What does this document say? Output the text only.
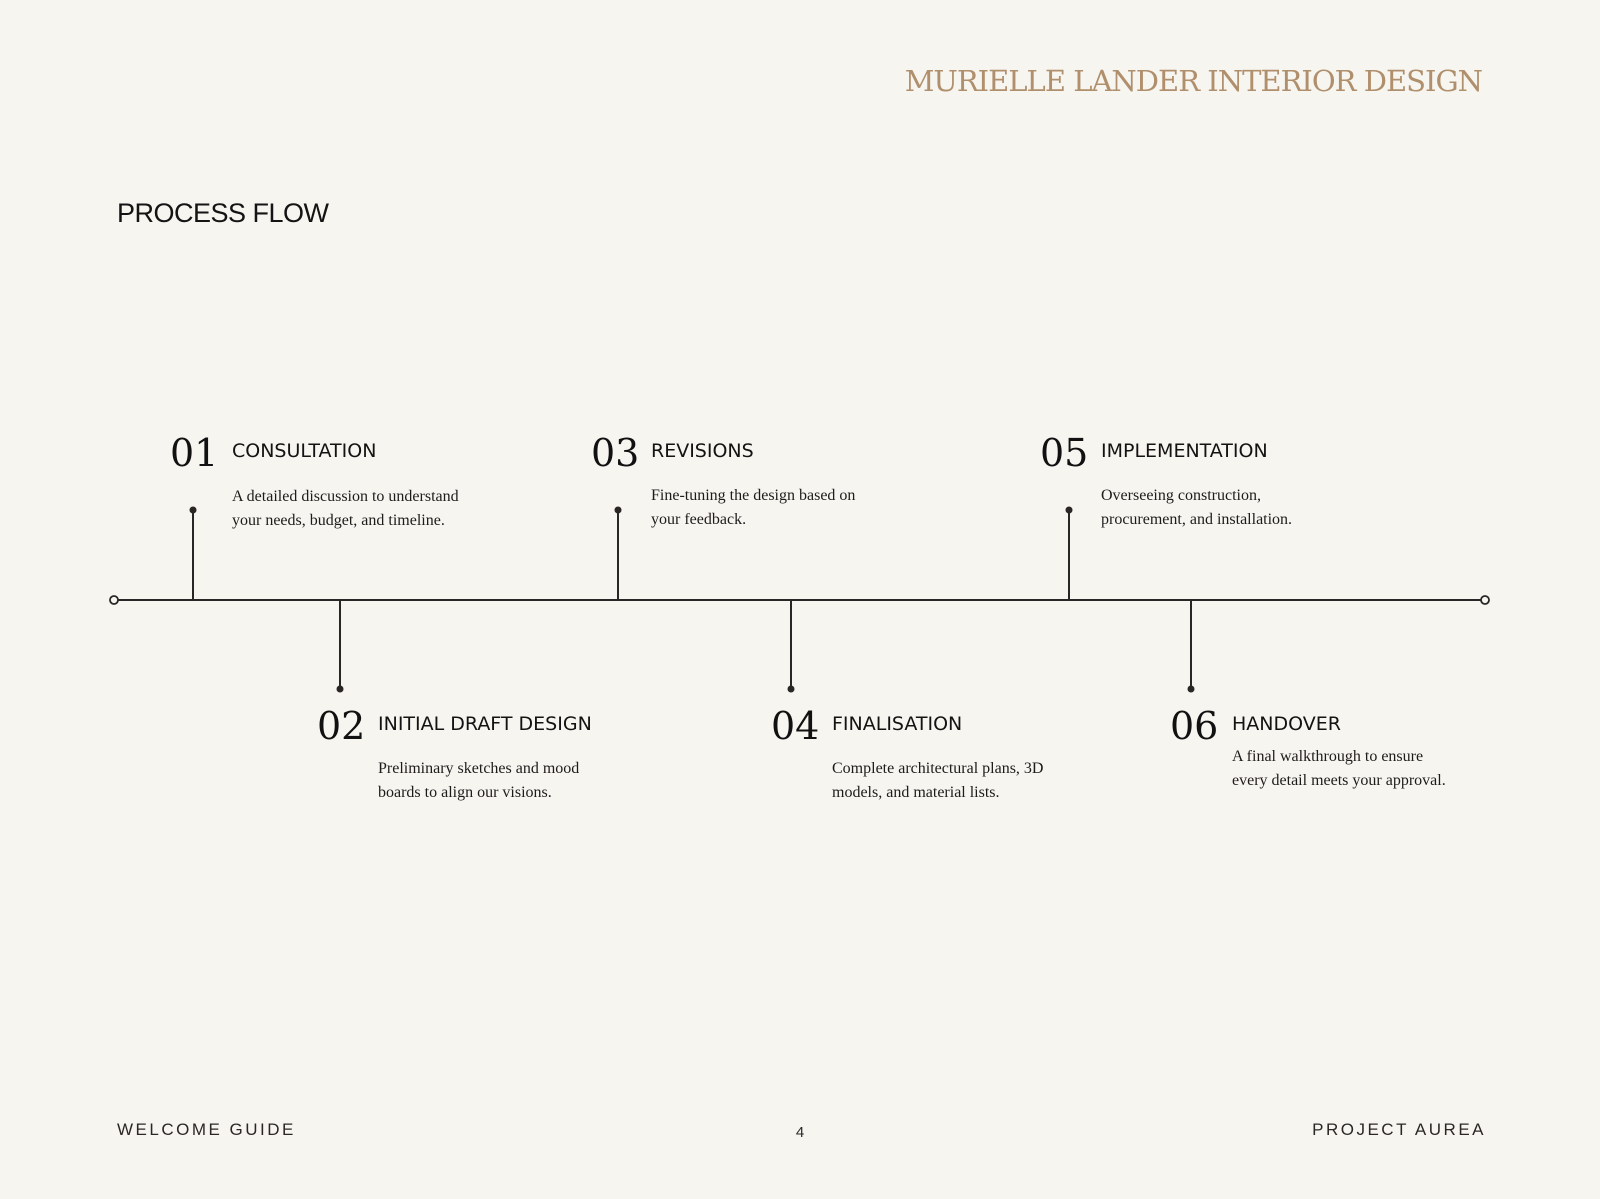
MURIELLE LANDER INTERIOR DESIGN
PROCESS FLOW
01 CONSULTATION
A detailed discussion to understand your needs, budget, and timeline.
02 INITIAL DRAFT DESIGN
Preliminary sketches and mood boards to align our visions.
03 REVISIONS
Fine-tuning the design based on your feedback.
04 FINALISATION
Complete architectural plans, 3D models, and material lists.
05 IMPLEMENTATION
Overseeing construction, procurement, and installation.
06 HANDOVER
A final walkthrough to ensure every detail meets your approval.
WELCOME GUIDE	4	PROJECT AUREA
